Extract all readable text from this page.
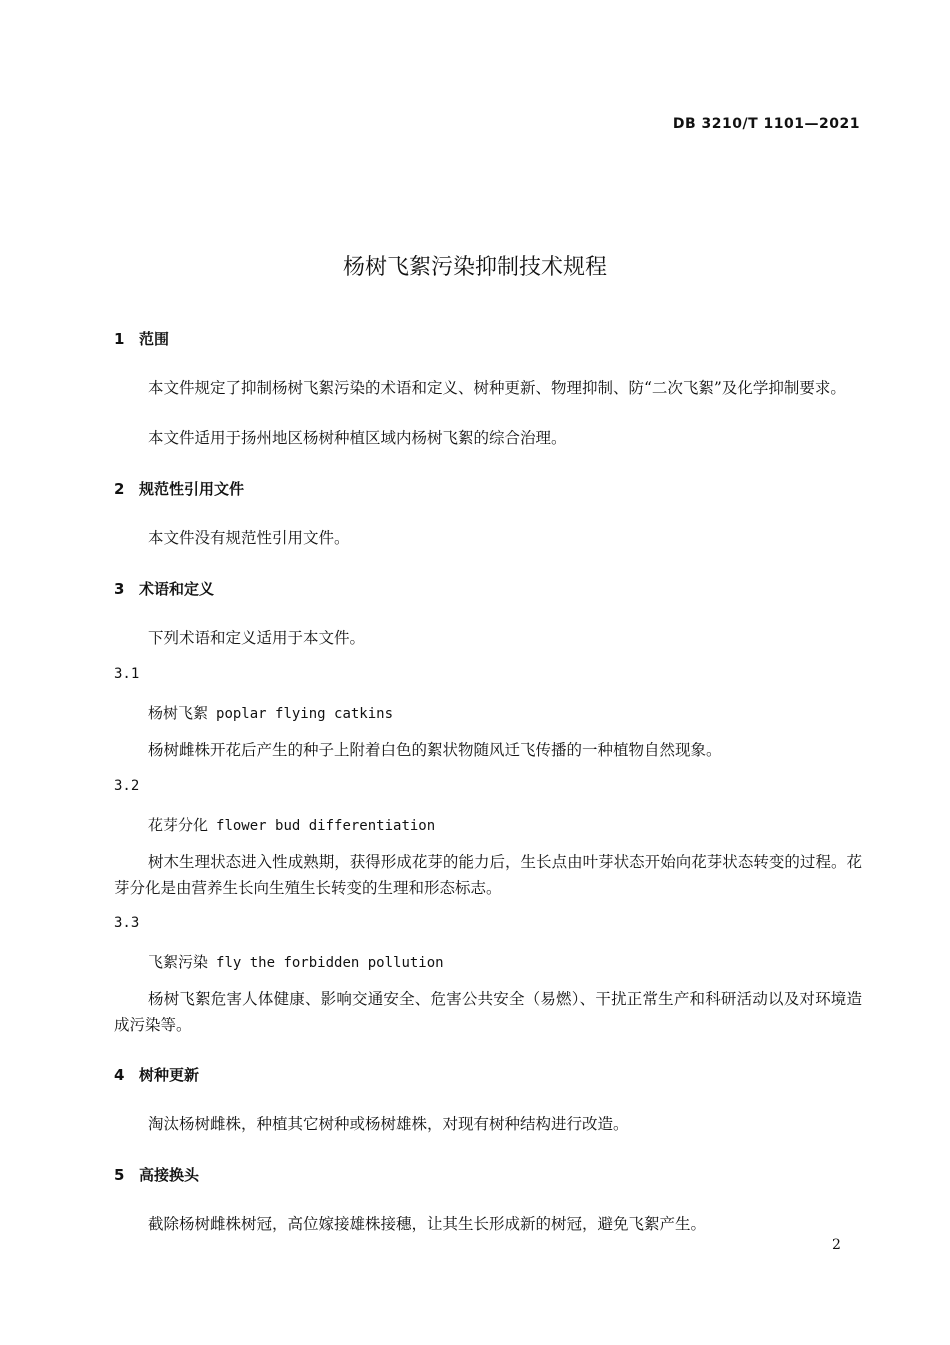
DB 3210/T 1101—2021
杨树飞絮污染抑制技术规程
1 范围
本文件规定了抑制杨树飞絮污染的术语和定义、树种更新、物理抑制、防“二次飞絮”及化学抑制要求。
本文件适用于扬州地区杨树种植区域内杨树飞絮的综合治理。
2 规范性引用文件
本文件没有规范性引用文件。
3 术语和定义
下列术语和定义适用于本文件。
3.1
杨树飞絮 poplar flying catkins
杨树雌株开花后产生的种子上附着白色的絮状物随风迁飞传播的一种植物自然现象。
3.2
花芽分化 flower bud differentiation
树木生理状态进入性成熟期，获得形成花芽的能力后，生长点由叶芽状态开始向花芽状态转变的过程。花芽分化是由营养生长向生殖生长转变的生理和形态标志。
3.3
飞絮污染 fly the forbidden pollution
杨树飞絮危害人体健康、影响交通安全、危害公共安全（易燃）、干扰正常生产和科研活动以及对环境造成污染等。
4 树种更新
淘汰杨树雌株，种植其它树种或杨树雄株，对现有树种结构进行改造。
5 高接换头
截除杨树雌株树冠，高位嫁接雄株接穗，让其生长形成新的树冠，避免飞絮产生。
2
